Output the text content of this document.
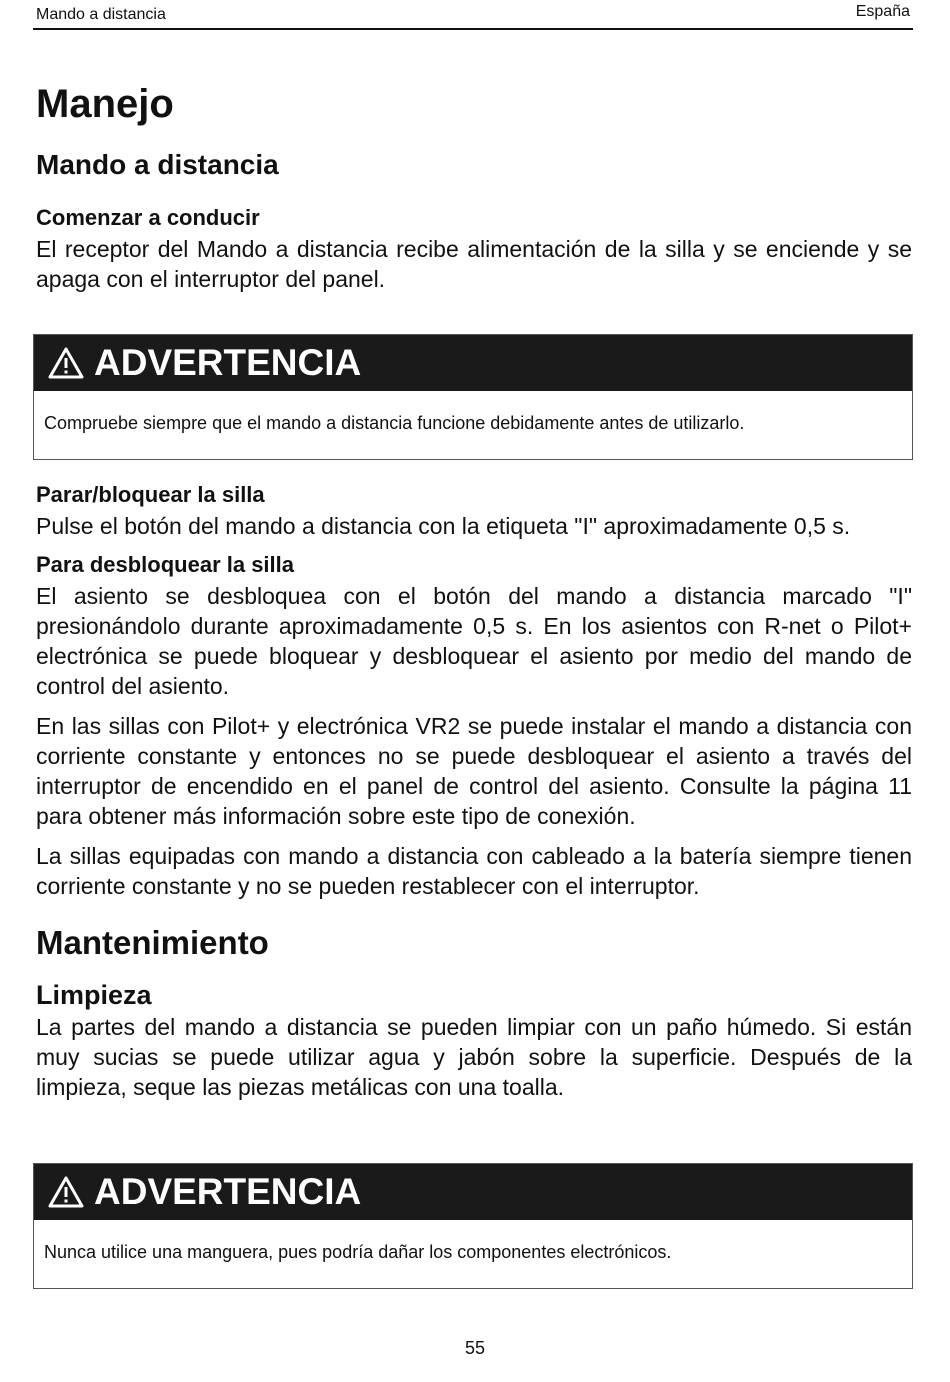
Mando a distancia	España
Manejo
Mando a distancia
Comenzar a conducir

El receptor del Mando a distancia recibe alimentación de la silla y se enciende y se apaga con el interruptor del panel.

ADVERTENCIA
Compruebe siempre que el mando a distancia funcione debidamente antes de utilizarlo.
Parar/bloquear la silla

Pulse el botón del mando a distancia con la etiqueta "I" aproximadamente 0,5 s.

Para desbloquear la silla

El asiento se desbloquea con el botón del mando a distancia marcado "I" presionándolo durante aproximadamente 0,5 s. En los asientos con R-net o Pilot+ electrónica se puede bloquear y desbloquear el asiento por medio del mando de control del asiento.

En las sillas con Pilot+ y electrónica VR2 se puede instalar el mando a distancia con corriente constante y entonces no se puede desbloquear el asiento a través del interruptor de encendido en el panel de control del asiento. Consulte la página 11 para obtener más información sobre este tipo de conexión.

La sillas equipadas con mando a distancia con cableado a la batería siempre tienen corriente constante y no se pueden restablecer con el interruptor.

Mantenimiento
Limpieza

La partes del mando a distancia se pueden limpiar con un paño húmedo. Si están muy sucias se puede utilizar agua y jabón sobre la superficie. Después de la limpieza, seque las piezas metálicas con una toalla.

ADVERTENCIA
Nunca utilice una manguera, pues podría dañar los componentes electrónicos.
55
